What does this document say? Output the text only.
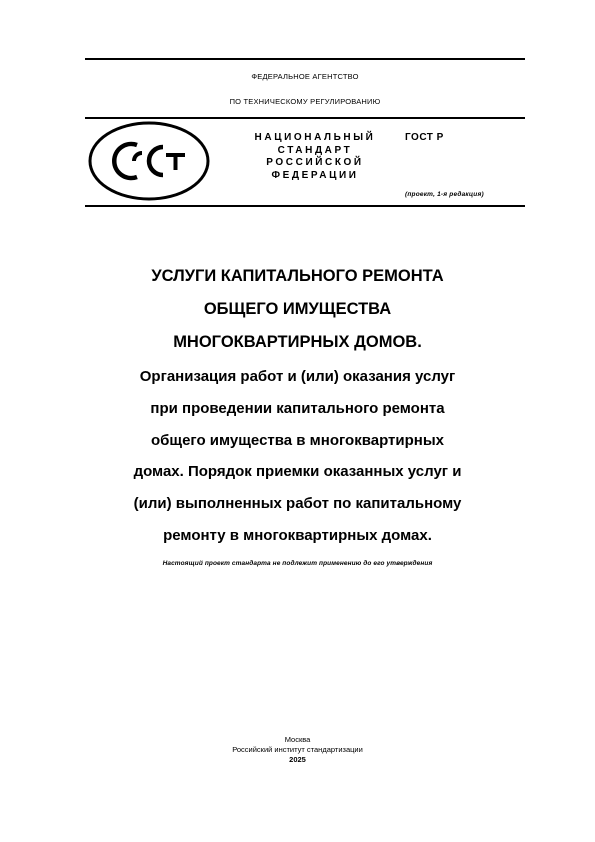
ФЕДЕРАЛЬНОЕ АГЕНТСТВО
ПО ТЕХНИЧЕСКОМУ РЕГУЛИРОВАНИЮ
НАЦИОНАЛЬНЫЙ
СТАНДАРТ
РОССИЙСКОЙ
ФЕДЕРАЦИИ
ГОСТ Р
(проект, 1-я редакция)
УСЛУГИ КАПИТАЛЬНОГО РЕМОНТА
ОБЩЕГО ИМУЩЕСТВА
МНОГОКВАРТИРНЫХ ДОМОВ.
Организация работ и (или) оказания услуг
при проведении капитального ремонта
общего имущества в многоквартирных
домах. Порядок приемки оказанных услуг и
(или) выполненных работ по капитальному
ремонту в многоквартирных домах.
Настоящий проект стандарта не подлежит применению до его утверждения
Москва
Российский институт стандартизации
2025
